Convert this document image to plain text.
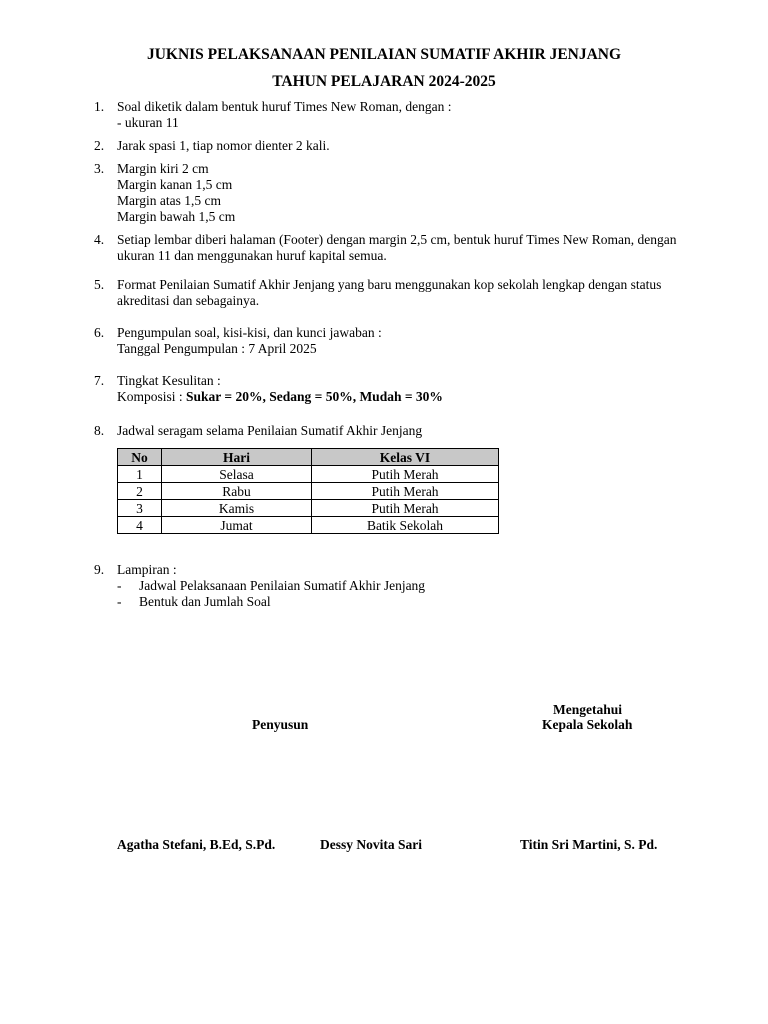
JUKNIS PELAKSANAAN PENILAIAN SUMATIF AKHIR JENJANG
TAHUN PELAJARAN 2024-2025
1. Soal diketik dalam bentuk huruf Times New Roman, dengan :
- ukuran 11
2. Jarak spasi 1, tiap nomor dienter 2 kali.
3. Margin kiri 2 cm
Margin kanan 1,5 cm
Margin atas 1,5 cm
Margin bawah 1,5 cm
4. Setiap lembar diberi halaman (Footer) dengan margin 2,5 cm, bentuk huruf Times New Roman, dengan ukuran 11 dan menggunakan huruf kapital semua.
5. Format Penilaian Sumatif Akhir Jenjang yang baru menggunakan kop sekolah lengkap dengan status akreditasi dan sebagainya.
6. Pengumpulan soal, kisi-kisi, dan kunci jawaban :
Tanggal Pengumpulan : 7 April 2025
7. Tingkat Kesulitan :
Komposisi : Sukar = 20%, Sedang = 50%, Mudah = 30%
8. Jadwal seragam selama Penilaian Sumatif Akhir Jenjang
No	Hari	Kelas VI
1	Selasa	Putih Merah
2	Rabu	Putih Merah
3	Kamis	Putih Merah
4	Jumat	Batik Sekolah
9. Lampiran :
- Jadwal Pelaksanaan Penilaian Sumatif Akhir Jenjang
- Bentuk dan Jumlah Soal
Mengetahui
Kepala Sekolah
Penyusun
Agatha Stefani, B.Ed, S.Pd.	Dessy Novita Sari	Titin Sri Martini, S. Pd.
